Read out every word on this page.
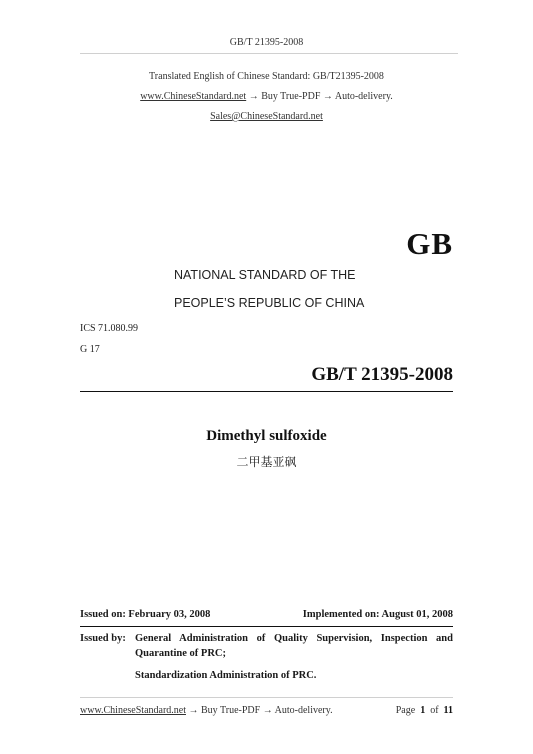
GB/T 21395-2008
Translated English of Chinese Standard: GB/T21395-2008
www.ChineseStandard.net → Buy True-PDF → Auto-delivery.
Sales@ChineseStandard.net
GB
NATIONAL STANDARD OF THE
PEOPLE’S REPUBLIC OF CHINA
ICS 71.080.99
G 17
GB/T 21395-2008
Dimethyl sulfoxide
二甲基亚砜
Issued on: February 03, 2008	Implemented on: August 01, 2008
Issued by: General Administration of Quality Supervision, Inspection and Quarantine of PRC;
Standardization Administration of PRC.
www.ChineseStandard.net → Buy True-PDF → Auto-delivery.	Page 1 of 11
